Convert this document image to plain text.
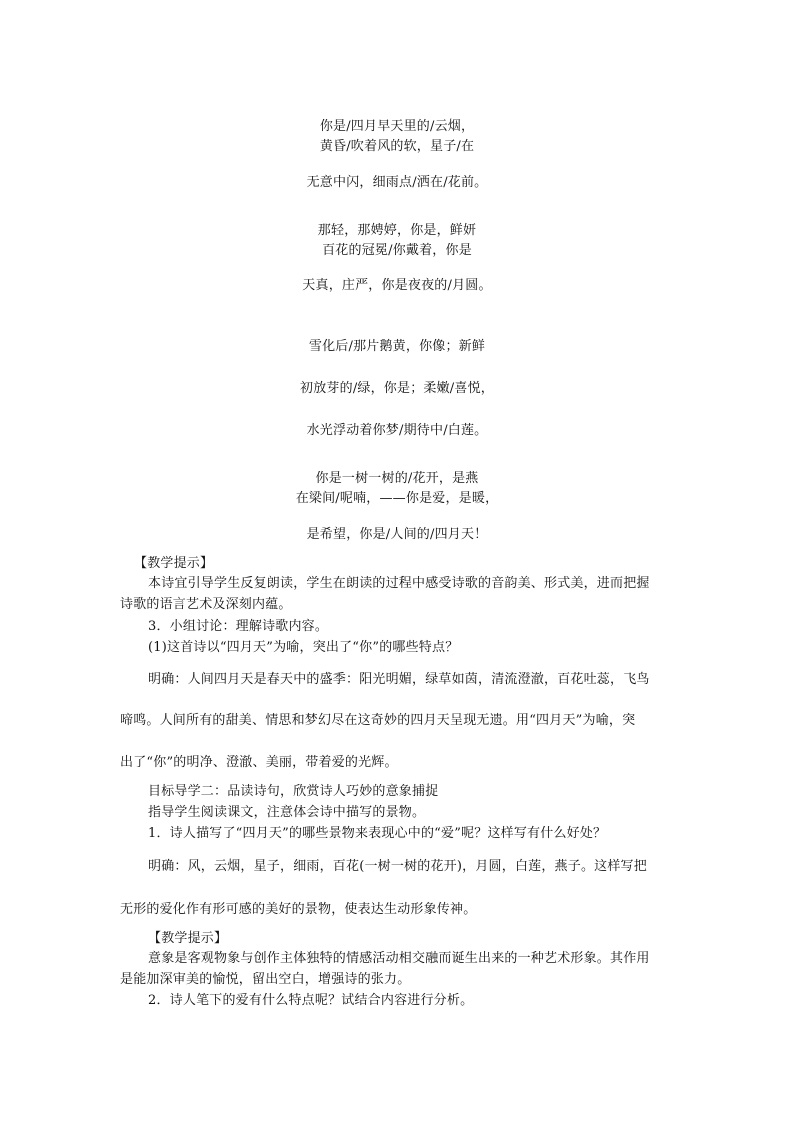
你是/四月早天里的/云烟，
黄昏/吹着风的软，星子/在
无意中闪，细雨点/洒在/花前。
那轻，那娉婷，你是，鲜妍
百花的冠冕/你戴着，你是
天真，庄严，你是夜夜的/月圆。
雪化后/那片鹅黄，你像；新鲜
初放芽的/绿，你是；柔嫩/喜悦，
水光浮动着你梦/期待中/白莲。
你是一树一树的/花开，是燕
在梁间/呢喃，——你是爱，是暖，
是希望，你是/人间的/四月天！
【教学提示】
本诗宜引导学生反复朗读，学生在朗读的过程中感受诗歌的音韵美、形式美，进而把握
诗歌的语言艺术及深刻内蕴。
3．小组讨论：理解诗歌内容。
(1)这首诗以“四月天”为喻，突出了“你”的哪些特点？
明确：人间四月天是春天中的盛季：阳光明媚，绿草如茵，清流澄澈，百花吐蕊，飞鸟
啼鸣。人间所有的甜美、情思和梦幻尽在这奇妙的四月天呈现无遗。用“四月天”为喻，突
出了“你”的明净、澄澈、美丽，带着爱的光辉。
目标导学二：品读诗句，欣赏诗人巧妙的意象捕捉
指导学生阅读课文，注意体会诗中描写的景物。
1．诗人描写了“四月天”的哪些景物来表现心中的“爱”呢？这样写有什么好处？
明确：风，云烟，星子，细雨，百花(一树一树的花开)，月圆，白莲，燕子。这样写把
无形的爱化作有形可感的美好的景物，使表达生动形象传神。
【教学提示】
意象是客观物象与创作主体独特的情感活动相交融而诞生出来的一种艺术形象。其作用
是能加深审美的愉悦，留出空白，增强诗的张力。
2．诗人笔下的爱有什么特点呢？试结合内容进行分析。
